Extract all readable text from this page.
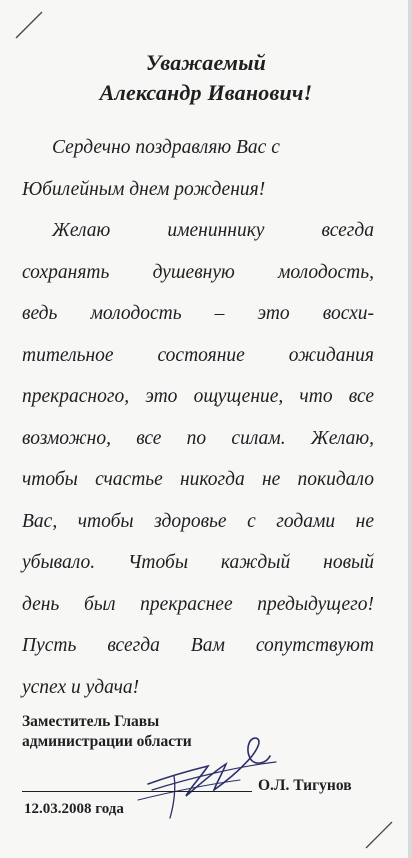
Уважаемый
Александр Иванович!

Сердечно поздравляю Вас с

Юбилейным днем рождения!

Желаю имениннику всегда

сохранять душевную молодость,

ведь молодость – это восхи-

тительное состояние ожидания

прекрасного, это ощущение, что все

возможно, все по силам. Желаю,

чтобы счастье никогда не покидало

Вас, чтобы здоровье с годами не

убывало. Чтобы каждый новый

день был прекраснее предыдущего!

Пусть всегда Вам сопутствуют

успех и удача!

Заместитель Главы
администрации области
О.Л. Тигунов
12.03.2008 года
